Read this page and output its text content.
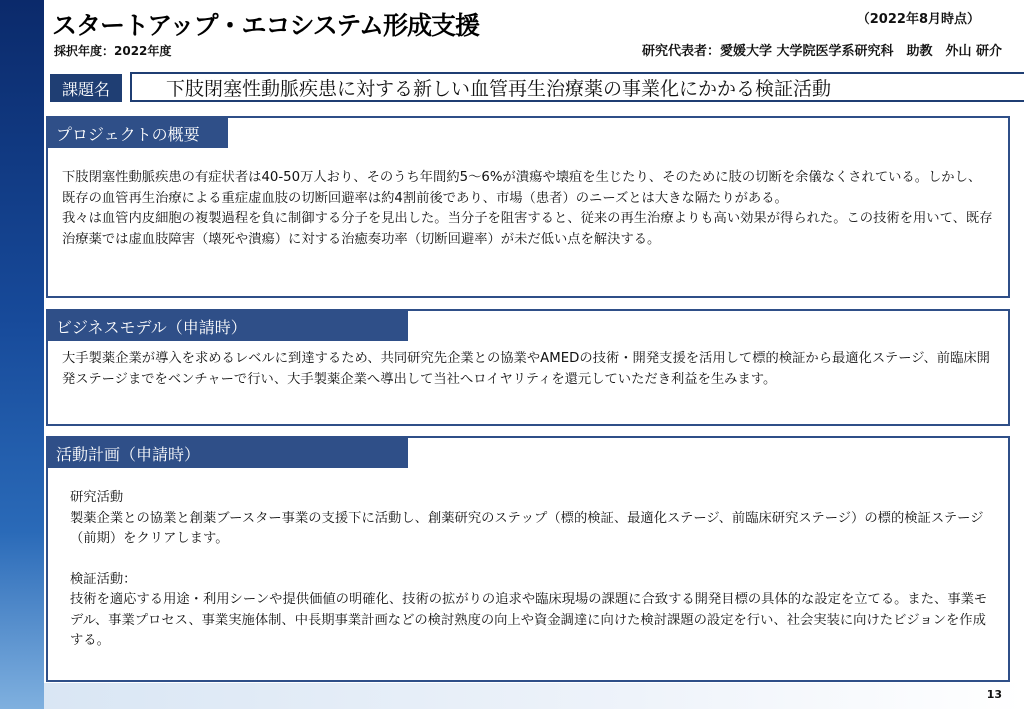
スタートアップ・エコシステム形成支援	（2022年8月時点）
採択年度：2022年度	研究代表者：愛媛大学 大学院医学系研究科　助教　外山 研介
課題名	下肢閉塞性動脈疾患に対する新しい血管再生治療薬の事業化にかかる検証活動
プロジェクトの概要

下肢閉塞性動脈疾患の有症状者は40-50万人おり、そのうち年間約5～6%が潰瘍や壊疽を生じたり、そのために肢の切断を余儀なくされている。しかし、既存の血管再生治療による重症虚血肢の切断回避率は約4割前後であり、市場（患者）のニーズとは大きな隔たりがある。

我々は血管内皮細胞の複製過程を負に制御する分子を見出した。当分子を阻害すると、従来の再生治療よりも高い効果が得られた。この技術を用いて、既存治療薬では虚血肢障害（壊死や潰瘍）に対する治癒奏功率（切断回避率）が未だ低い点を解決する。

ビジネスモデル（申請時）

大手製薬企業が導入を求めるレベルに到達するため、共同研究先企業との協業やAMEDの技術・開発支援を活用して標的検証から最適化ステージ、前臨床開発ステージまでをベンチャーで行い、大手製薬企業へ導出して当社へロイヤリティを還元していただき利益を生みます。

活動計画（申請時）

研究活動

製薬企業との協業と創薬ブースター事業の支援下に活動し、創薬研究のステップ（標的検証、最適化ステージ、前臨床研究ステージ）の標的検証ステージ（前期）をクリアします。

検証活動：

技術を適応する用途・利用シーンや提供価値の明確化、技術の拡がりの追求や臨床現場の課題に合致する開発目標の具体的な設定を立てる。また、事業モデル、事業プロセス、事業実施体制、中長期事業計画などの検討熟度の向上や資金調達に向けた検討課題の設定を行い、社会実装に向けたビジョンを作成する。

13
